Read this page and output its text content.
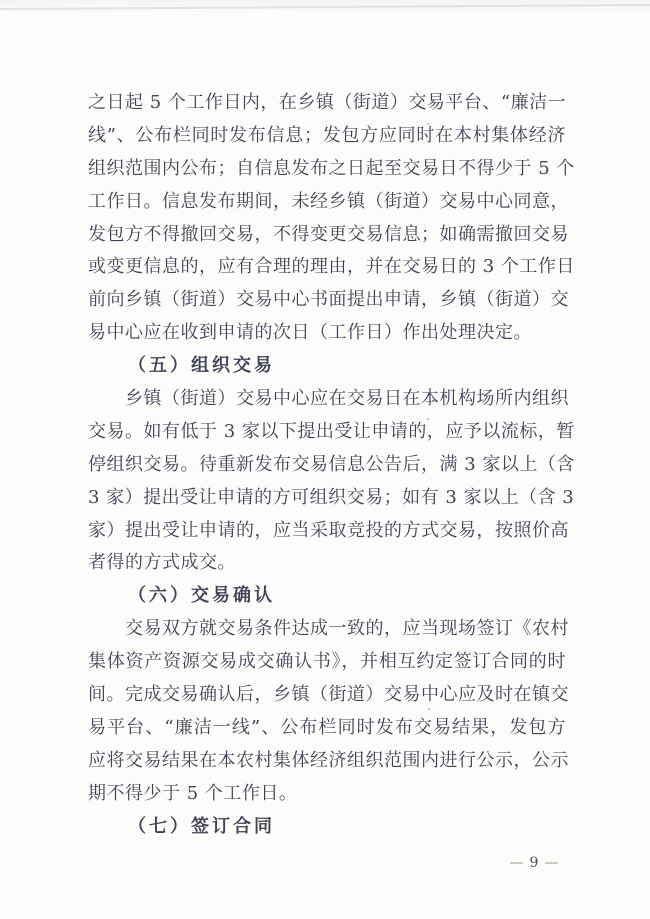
之日起 5 个工作日内，在乡镇（街道）交易平台、“廉洁一
线”、公布栏同时发布信息；发包方应同时在本村集体经济
组织范围内公布；自信息发布之日起至交易日不得少于 5 个
工作日。信息发布期间，未经乡镇（街道）交易中心同意，
发包方不得撤回交易，不得变更交易信息；如确需撤回交易
或变更信息的，应有合理的理由，并在交易日的 3 个工作日
前向乡镇（街道）交易中心书面提出申请，乡镇（街道）交
易中心应在收到申请的次日（工作日）作出处理决定。
（五）组织交易
乡镇（街道）交易中心应在交易日在本机构场所内组织
交易。如有低于 3 家以下提出受让申请的，应予以流标，暂
停组织交易。待重新发布交易信息公告后，满 3 家以上（含
3 家）提出受让申请的方可组织交易；如有 3 家以上（含 3
家）提出受让申请的，应当采取竞投的方式交易，按照价高
者得的方式成交。
（六）交易确认
交易双方就交易条件达成一致的，应当现场签订《农村
集体资产资源交易成交确认书》，并相互约定签订合同的时
间。完成交易确认后，乡镇（街道）交易中心应及时在镇交
易平台、“廉洁一线”、公布栏同时发布交易结果，发包方
应将交易结果在本农村集体经济组织范围内进行公示，公示
期不得少于 5 个工作日。
（七）签订合同
— 9 —
